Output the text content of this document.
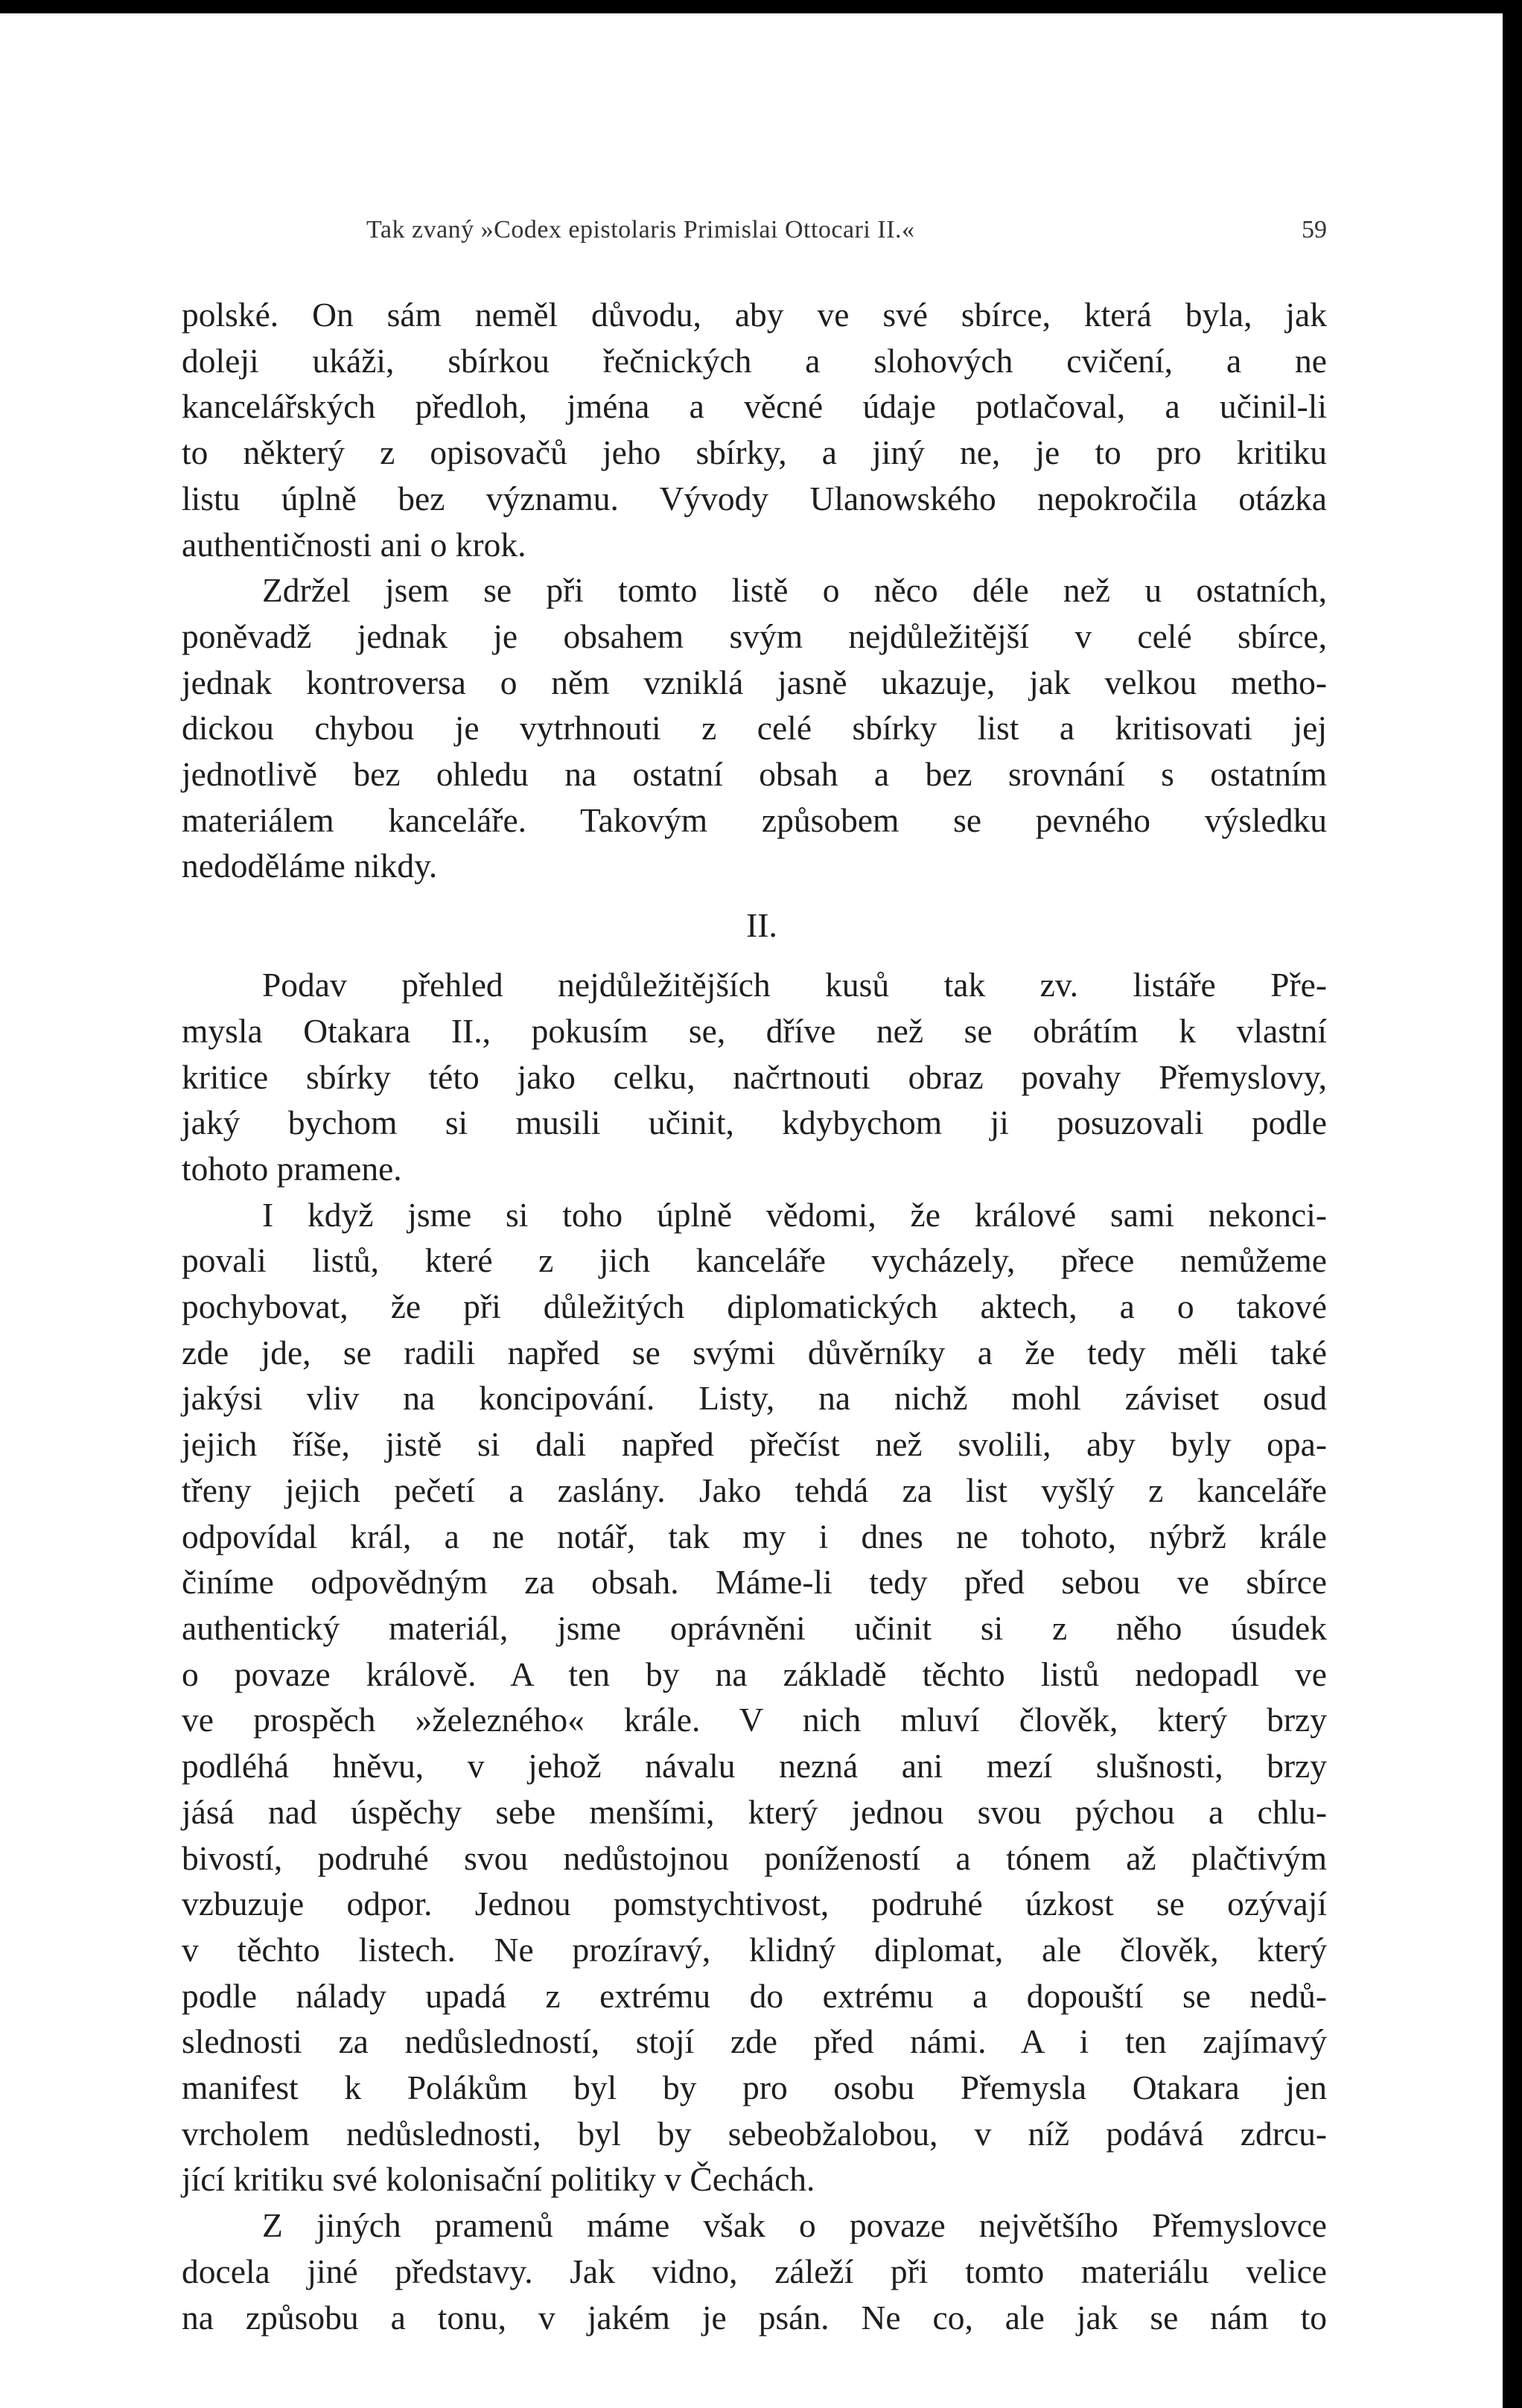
Tak zvaný »Codex epistolaris Primislai Ottocari II.«	59
polské. On sám neměl důvodu, aby ve své sbírce, která byla, jak
doleji ukáži, sbírkou řečnických a slohových cvičení, a ne
kancelářských předloh, jména a věcné údaje potlačoval, a učinil-li
to některý z opisovačů jeho sbírky, a jiný ne, je to pro kritiku
listu úplně bez významu. Vývody Ulanowského nepokročila otázka
authentičnosti ani o krok.
Zdržel jsem se při tomto listě o něco déle než u ostatních,
poněvadž jednak je obsahem svým nejdůležitější v celé sbírce,
jednak kontroversa o něm vzniklá jasně ukazuje, jak velkou metho-
dickou chybou je vytrhnouti z celé sbírky list a kritisovati jej
jednotlivě bez ohledu na ostatní obsah a bez srovnání s ostatním
materiálem kanceláře. Takovým způsobem se pevného výsledku
nedoděláme nikdy.
II.
Podav přehled nejdůležitějších kusů tak zv. listáře Pře-
mysla Otakara II., pokusím se, dříve než se obrátím k vlastní
kritice sbírky této jako celku, načrtnouti obraz povahy Přemyslovy,
jaký bychom si musili učinit, kdybychom ji posuzovali podle
tohoto pramene.
I když jsme si toho úplně vědomi, že králové sami nekonci-
povali listů, které z jich kanceláře vycházely, přece nemůžeme
pochybovat, že při důležitých diplomatických aktech, a o takové
zde jde, se radili napřed se svými důvěrníky a že tedy měli také
jakýsi vliv na koncipování. Listy, na nichž mohl záviset osud
jejich říše, jistě si dali napřed přečíst než svolili, aby byly opa-
třeny jejich pečetí a zaslány. Jako tehdá za list vyšlý z kanceláře
odpovídal král, a ne notář, tak my i dnes ne tohoto, nýbrž krále
činíme odpovědným za obsah. Máme-li tedy před sebou ve sbírce
authentický materiál, jsme oprávněni učinit si z něho úsudek
o povaze králově. A ten by na základě těchto listů nedopadl ve
ve prospěch »železného« krále. V nich mluví člověk, který brzy
podléhá hněvu, v jehož návalu nezná ani mezí slušnosti, brzy
jásá nad úspěchy sebe menšími, který jednou svou pýchou a chlu-
bivostí, podruhé svou nedůstojnou ponížeností a tónem až plačtivým
vzbuzuje odpor. Jednou pomstychtivost, podruhé úzkost se ozývají
v těchto listech. Ne prozíravý, klidný diplomat, ale člověk, který
podle nálady upadá z extrému do extrému a dopouští se nedů-
slednosti za nedůsledností, stojí zde před námi. A i ten zajímavý
manifest k Polákům byl by pro osobu Přemysla Otakara jen
vrcholem nedůslednosti, byl by sebeobžalobou, v níž podává zdrcu-
jící kritiku své kolonisační politiky v Čechách.
Z jiných pramenů máme však o povaze největšího Přemyslovce
docela jiné představy. Jak vidno, záleží při tomto materiálu velice
na způsobu a tonu, v jakém je psán. Ne co, ale jak se nám to
